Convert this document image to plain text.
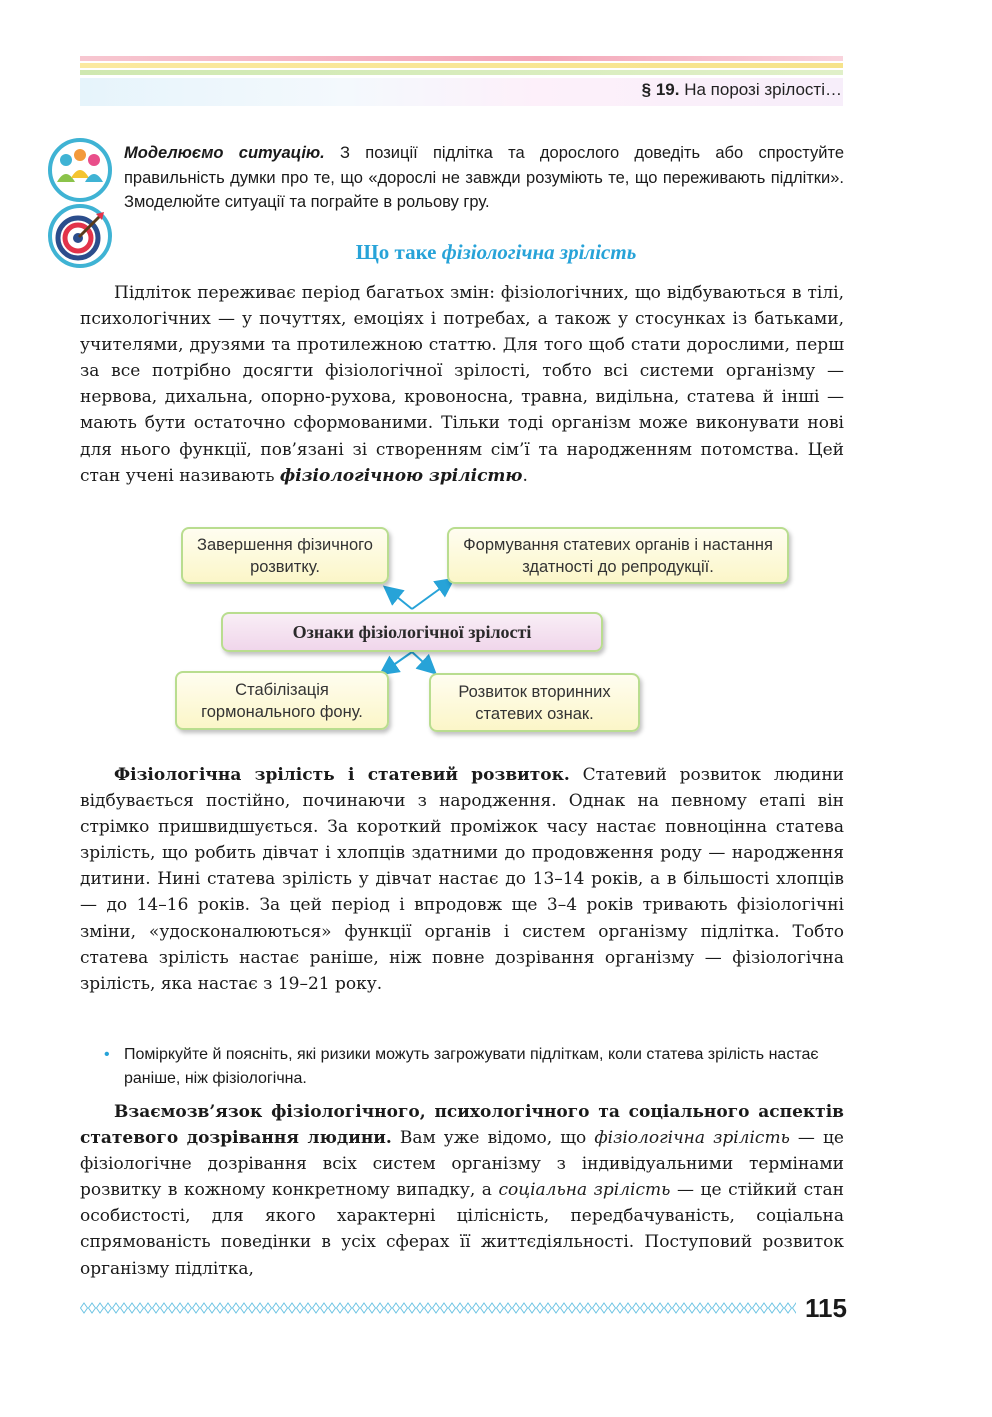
§ 19. На порозі зрілості…
Моделюємо ситуацію. З позиції підлітка та дорослого доведіть або спростуйте правильність думки про те, що «дорослі не завжди розуміють те, що переживають підлітки». Змоделюйте ситуації та пограйте в рольову гру.
Що таке фізіологічна зрілість
Підліток переживає період багатьох змін: фізіологічних, що відбуваються в тілі, психологічних — у почуттях, емоціях і потребах, а також у стосунках із батьками, учителями, друзями та протилежною статтю. Для того щоб стати дорослими, перш за все потрібно досягти фізіологічної зрілості, тобто всі системи організму — нервова, дихальна, опорно-рухова, кровоносна, травна, видільна, статева й інші — мають бути остаточно сформованими. Тільки тоді організм може виконувати нові для нього функції, пов’язані зі створенням сім’ї та народженням потомства. Цей стан учені називають фізіологічною зрілістю.
Завершення фізичного розвитку.
Формування статевих органів і настання здатності до репродукції.
Ознаки фізіологічної зрілості
Стабілізація гормонального фону.
Розвиток вторинних статевих ознак.
Фізіологічна зрілість і статевий розвиток. Статевий розвиток людини відбувається постійно, починаючи з народження. Однак на певному етапі він стрімко пришвидшується. За короткий проміжок часу настає повноцінна статева зрілість, що робить дівчат і хлопців здатними до продовження роду — народження дитини. Нині статева зрілість у дівчат настає до 13–14 років, а в більшості хлопців — до 14–16 років. За цей період і впродовж ще 3–4 років тривають фізіологічні зміни, «удосконалюються» функції органів і систем організму підлітка. Тобто статева зрілість настає раніше, ніж повне дозрівання організму — фізіологічна зрілість, яка настає з 19–21 року.
• Поміркуйте й поясніть, які ризики можуть загрожувати підліткам, коли статева зрілість настає раніше, ніж фізіологічна.
Взаємозв’язок фізіологічного, психологічного та соціального аспектів статевого дозрівання людини. Вам уже відомо, що фізіологічна зрілість — це фізіологічне дозрівання всіх систем організму з індивідуальними термінами розвитку в кожному конкретному випадку, а соціальна зрілість — це стійкий стан особистості, для якого характерні цілісність, передбачуваність, соціальна спрямованість поведінки в усіх сферах її життєдіяльності. Поступовий розвиток організму підлітка,
115
